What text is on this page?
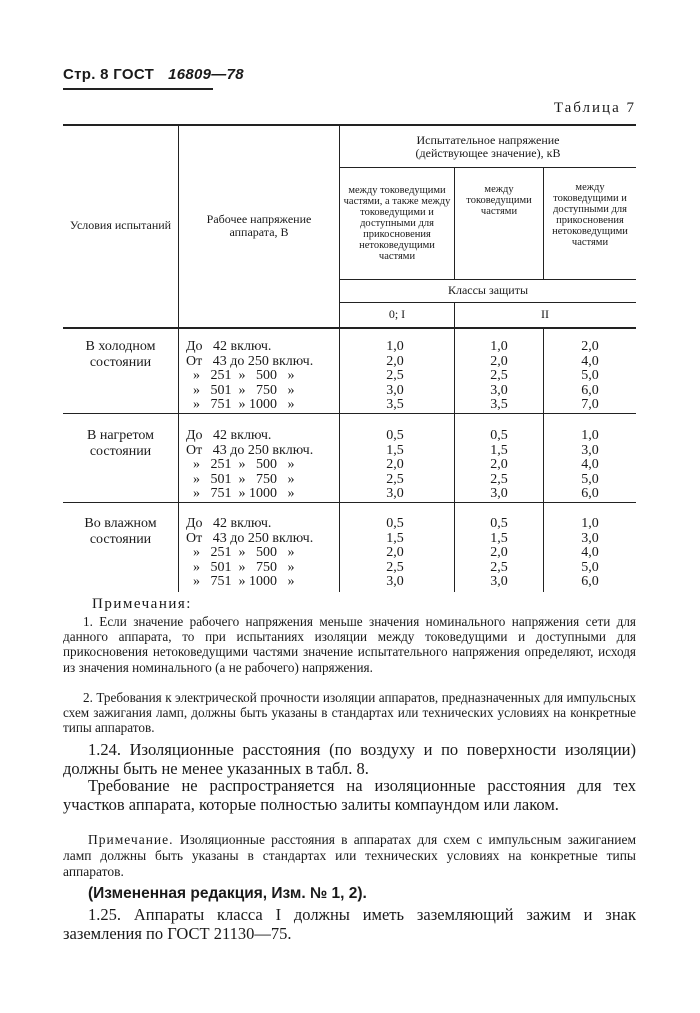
Стр. 8 ГОСТ 16809—78
Таблица 7
Условия испытаний	Рабочее напряжение аппарата, В
Испытательное напряжение (действующее значение), кВ
между токоведущими частями, а также между токоведущими и доступными для прикосновения нетоковедущими частями
между токоведущими частями
между токоведущими и доступными для прикосновения нетоковедущими частями
Классы защиты
0; I	II
В холодном состоянии
До   42 включ.
От   43 до 250 включ.
»   251  »   500   »
»   501  »   750   »
»   751  » 1000   »
1,0
2,0
2,5
3,0
3,5
1,0
2,0
2,5
3,0
3,5
2,0
4,0
5,0
6,0
7,0
В нагретом состоянии
До   42 включ.
От   43 до 250 включ.
»   251  »   500   »
»   501  »   750   »
»   751  » 1000   »
0,5
1,5
2,0
2,5
3,0
0,5
1,5
2,0
2,5
3,0
1,0
3,0
4,0
5,0
6,0
Во влажном состоянии
До   42 включ.
От   43 до 250 включ.
»   251  »   500   »
»   501  »   750   »
»   751  » 1000   »
0,5
1,5
2,0
2,5
3,0
0,5
1,5
2,0
2,5
3,0
1,0
3,0
4,0
5,0
6,0
Примечания:
1. Если значение рабочего напряжения меньше значения номинального напряжения сети для данного аппарата, то при испытаниях изоляции между токоведущими и доступными для прикосновения нетоковедущими частями значение испытательного напряжения определяют, исходя из значения номинального (а не рабочего) напряжения.
2. Требования к электрической прочности изоляции аппаратов, предназначенных для импульсных схем зажигания ламп, должны быть указаны в стандартах или технических условиях на конкретные типы аппаратов.
1.24. Изоляционные расстояния (по воздуху и по поверхности изоляции) должны быть не менее указанных в табл. 8.
Требование не распространяется на изоляционные расстояния для тех участков аппарата, которые полностью залиты компаундом или лаком.
Примечание. Изоляционные расстояния в аппаратах для схем с импульсным зажиганием ламп должны быть указаны в стандартах или технических условиях на конкретные типы аппаратов.
(Измененная редакция, Изм. № 1, 2).
1.25. Аппараты класса I должны иметь заземляющий зажим и знак заземления по ГОСТ 21130—75.
